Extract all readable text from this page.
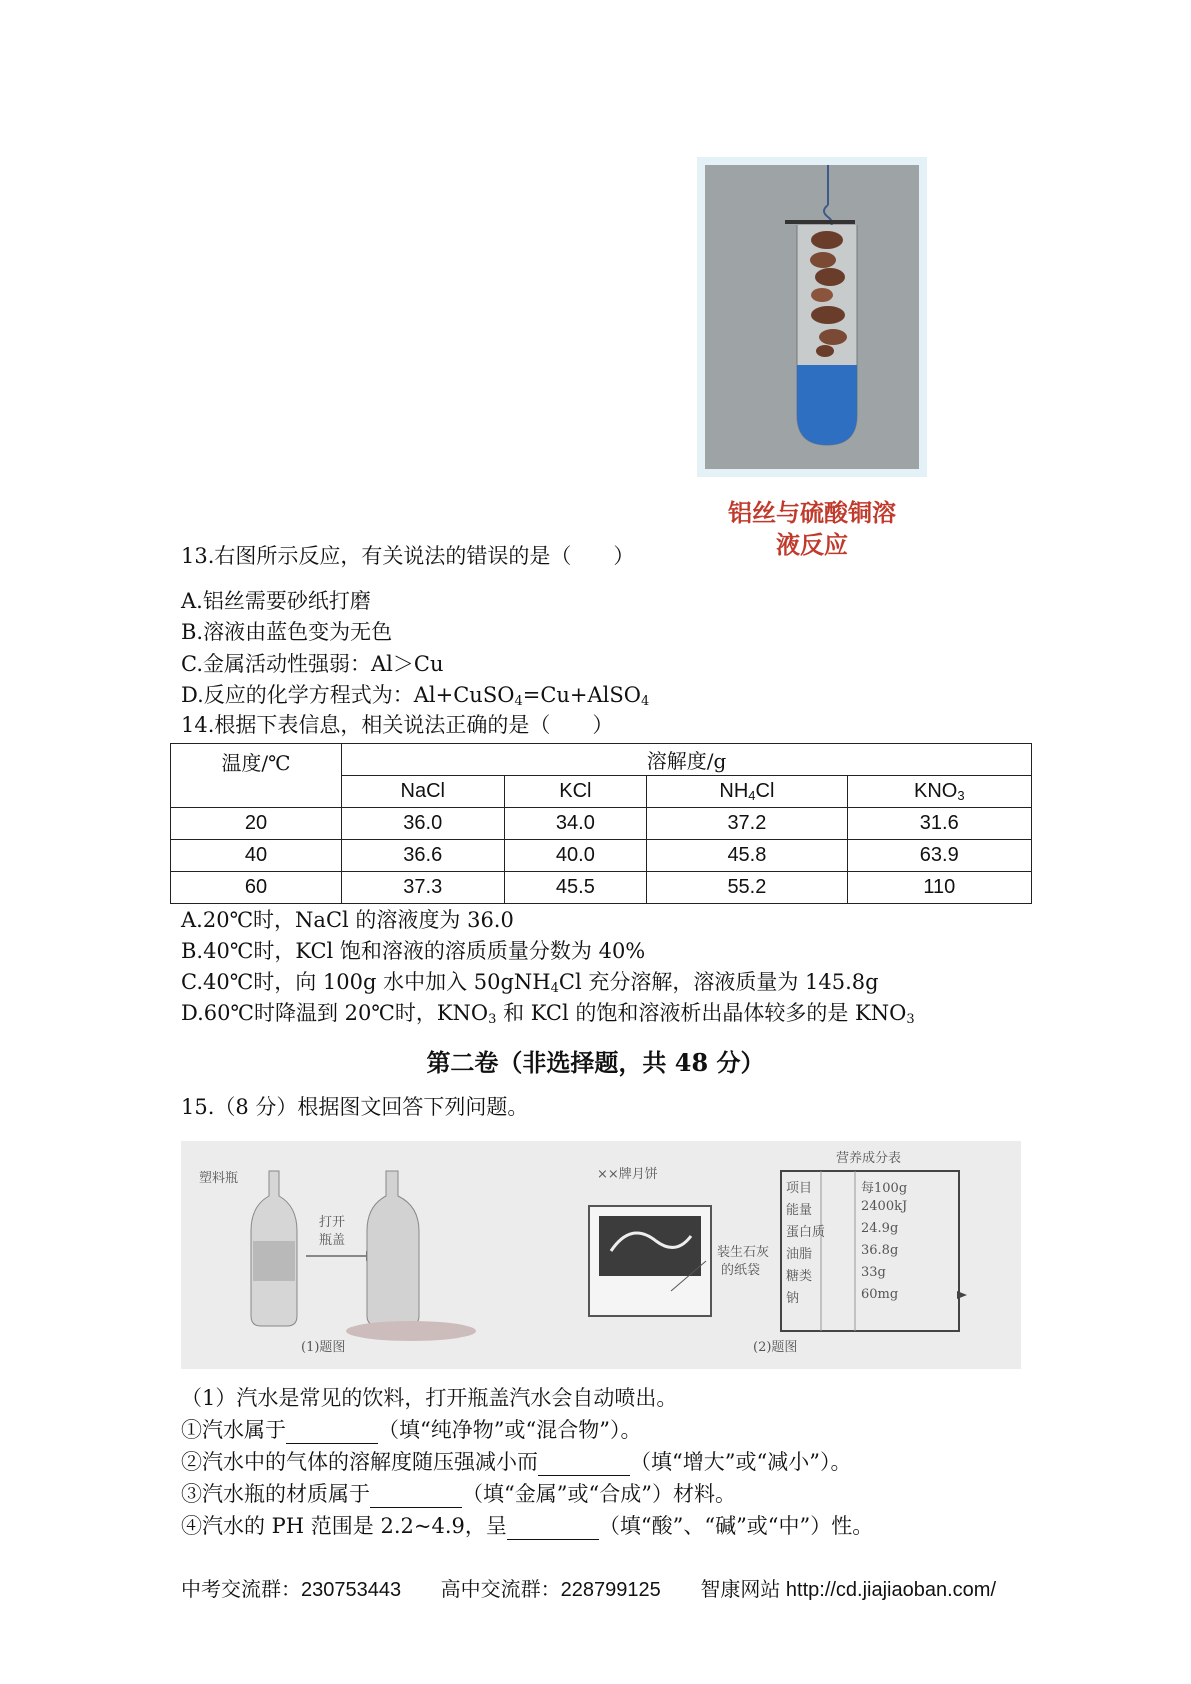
铝丝与硫酸铜溶
液反应
13.右图所示反应，有关说法的错误的是（　　）
A.铝丝需要砂纸打磨
B.溶液由蓝色变为无色
C.金属活动性强弱：Al＞Cu
D.反应的化学方程式为：Al+CuSO$_4$=Cu+AlSO$_4$
14.根据下表信息，相关说法正确的是（　　）
温度/℃	溶解度/g			
	NaCl	KCl	$NH_4Cl$	$KNO_3$
20	36.0	34.0	37.2	31.6
40	36.6	40.0	45.8	63.9
60	37.3	45.5	55.2	110
A.20℃时，NaCl 的溶液度为 36.0
B.40℃时，KCl 饱和溶液的溶质质量分数为 40%
C.40℃时，向 100g 水中加入 50gNH$_4$Cl 充分溶解，溶液质量为 145.8g
D.60℃时降温到 20℃时，$KNO_3$ 和 KCl 的饱和溶液析出晶体较多的是 $KNO_3$
第二卷（非选择题，共 48 分）
15.（8 分）根据图文回答下列问题。
塑料瓶
打开
瓶盖
(1)题图
××牌月饼
装生石灰
的纸袋
营养成分表
项目	每100g
能量	2400kJ
蛋白质	24.9g
油脂	36.8g
糖类	33g
钠	60mg
(2)题图
（1）汽水是常见的饮料，打开瓶盖汽水会自动喷出。
①汽水属于	（填“纯净物”或“混合物”）。
②汽水中的气体的溶解度随压强减小而	（填“增大”或“减小”）。
③汽水瓶的材质属于	（填“金属”或“合成”）材料。
④汽水的 PH 范围是 2.2~4.9，呈	（填“酸”、“碱”或“中”）性。
中考交流群：230753443 高中交流群：228799125 智康网站 http://cd.jiajiaoban.com/
